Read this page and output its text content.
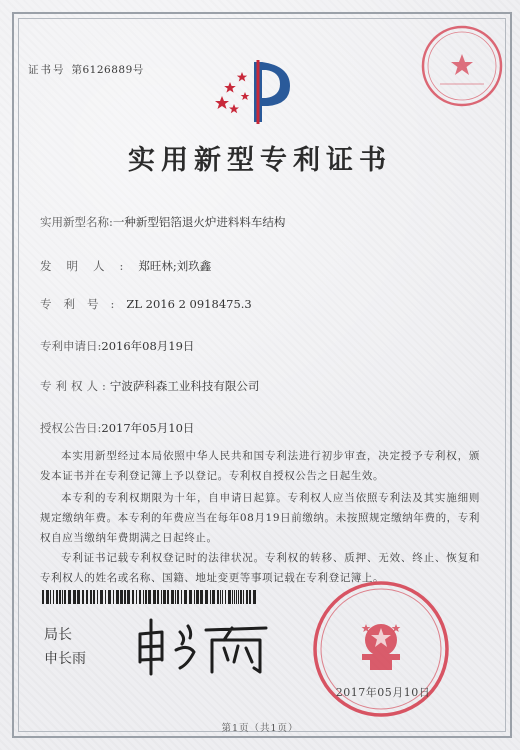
证书号 第6126889号
实用新型专利证书
实用新型名称:一种新型铝箔退火炉进料料车结构
发明人:郑旺林;刘玖鑫
专利号:ZL 2016 2 0918475.3
专利申请日:2016年08月19日
专利权人:宁波萨科森工业科技有限公司
授权公告日:2017年05月10日
本实用新型经过本局依照中华人民共和国专利法进行初步审查，决定授予专利权，颁发本证书并在专利登记簿上予以登记。专利权自授权公告之日起生效。
本专利的专利权期限为十年，自申请日起算。专利权人应当依照专利法及其实施细则规定缴纳年费。本专利的年费应当在每年08月19日前缴纳。未按照规定缴纳年费的，专利权自应当缴纳年费期满之日起终止。
专利证书记载专利权登记时的法律状况。专利权的转移、质押、无效、终止、恢复和专利权人的姓名或名称、国籍、地址变更等事项记载在专利登记簿上。
局长
申长雨
2017年05月10日
第1页（共1页）
